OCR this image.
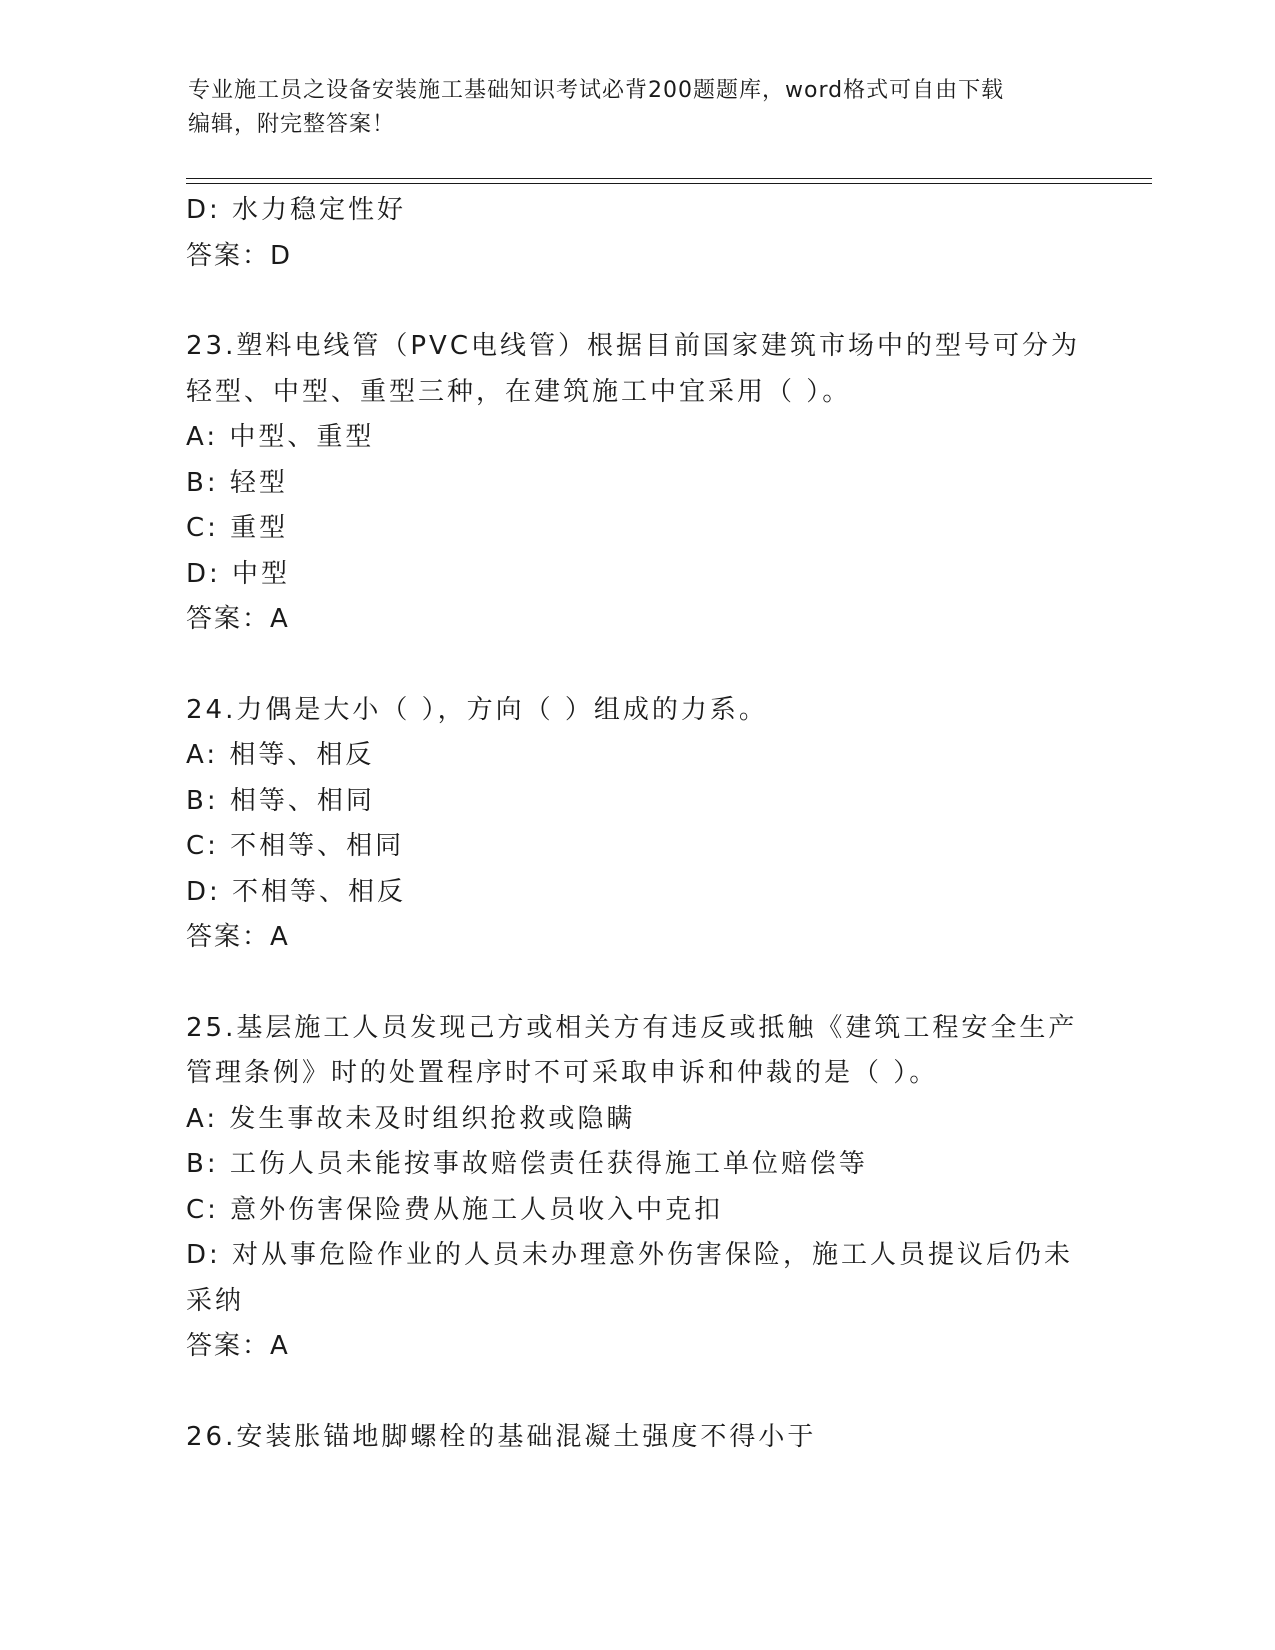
专业施工员之设备安装施工基础知识考试必背200题题库，word格式可自由下载
编辑，附完整答案！
D: 水力稳定性好
答案：D
23.塑料电线管（PVC电线管）根据目前国家建筑市场中的型号可分为
轻型、中型、重型三种，在建筑施工中宜采用（ ）。
A: 中型、重型
B: 轻型
C: 重型
D: 中型
答案：A
24.力偶是大小（ ），方向（ ）组成的力系。
A: 相等、相反
B: 相等、相同
C: 不相等、相同
D: 不相等、相反
答案：A
25.基层施工人员发现己方或相关方有违反或抵触《建筑工程安全生产
管理条例》时的处置程序时不可采取申诉和仲裁的是（ ）。
A: 发生事故未及时组织抢救或隐瞒
B: 工伤人员未能按事故赔偿责任获得施工单位赔偿等
C: 意外伤害保险费从施工人员收入中克扣
D: 对从事危险作业的人员未办理意外伤害保险，施工人员提议后仍未
采纳
答案：A
26.安装胀锚地脚螺栓的基础混凝土强度不得小于
